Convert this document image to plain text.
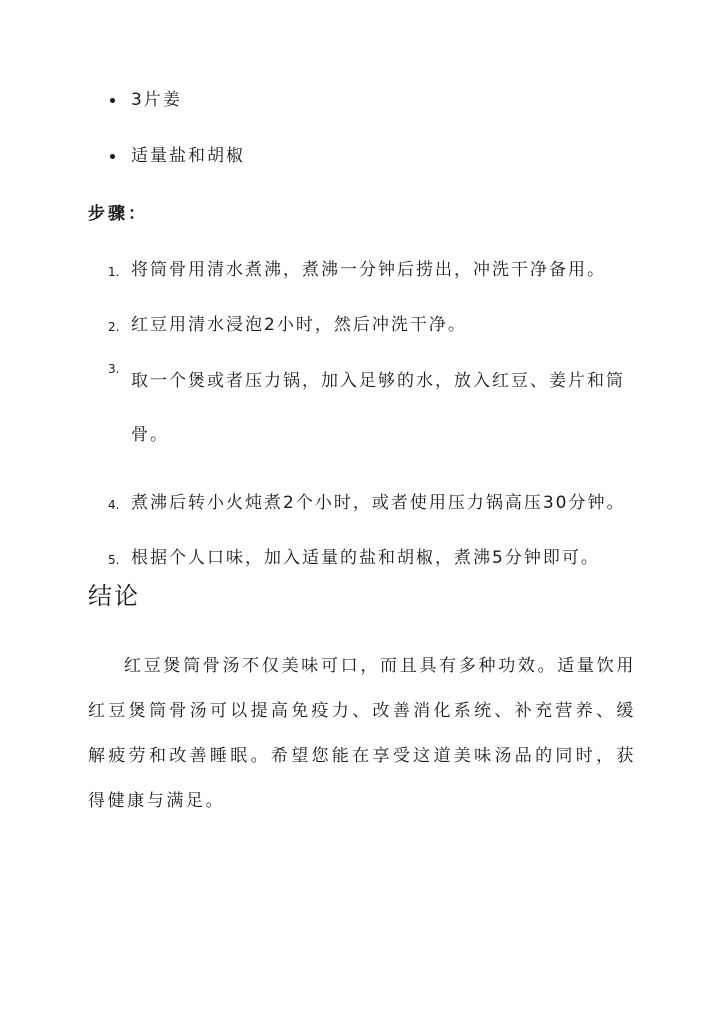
3片姜
适量盐和胡椒
步骤：
1. 将筒骨用清水煮沸，煮沸一分钟后捞出，冲洗干净备用。
2. 红豆用清水浸泡2小时，然后冲洗干净。
3.
取一个煲或者压力锅，加入足够的水，放入红豆、姜片和筒骨。
4. 煮沸后转小火炖煮2个小时，或者使用压力锅高压30分钟。
5. 根据个人口味，加入适量的盐和胡椒，煮沸5分钟即可。
结论

红豆煲筒骨汤不仅美味可口，而且具有多种功效。适量饮用红豆煲筒骨汤可以提高免疫力、改善消化系统、补充营养、缓解疲劳和改善睡眠。希望您能在享受这道美味汤品的同时，获得健康与满足。
